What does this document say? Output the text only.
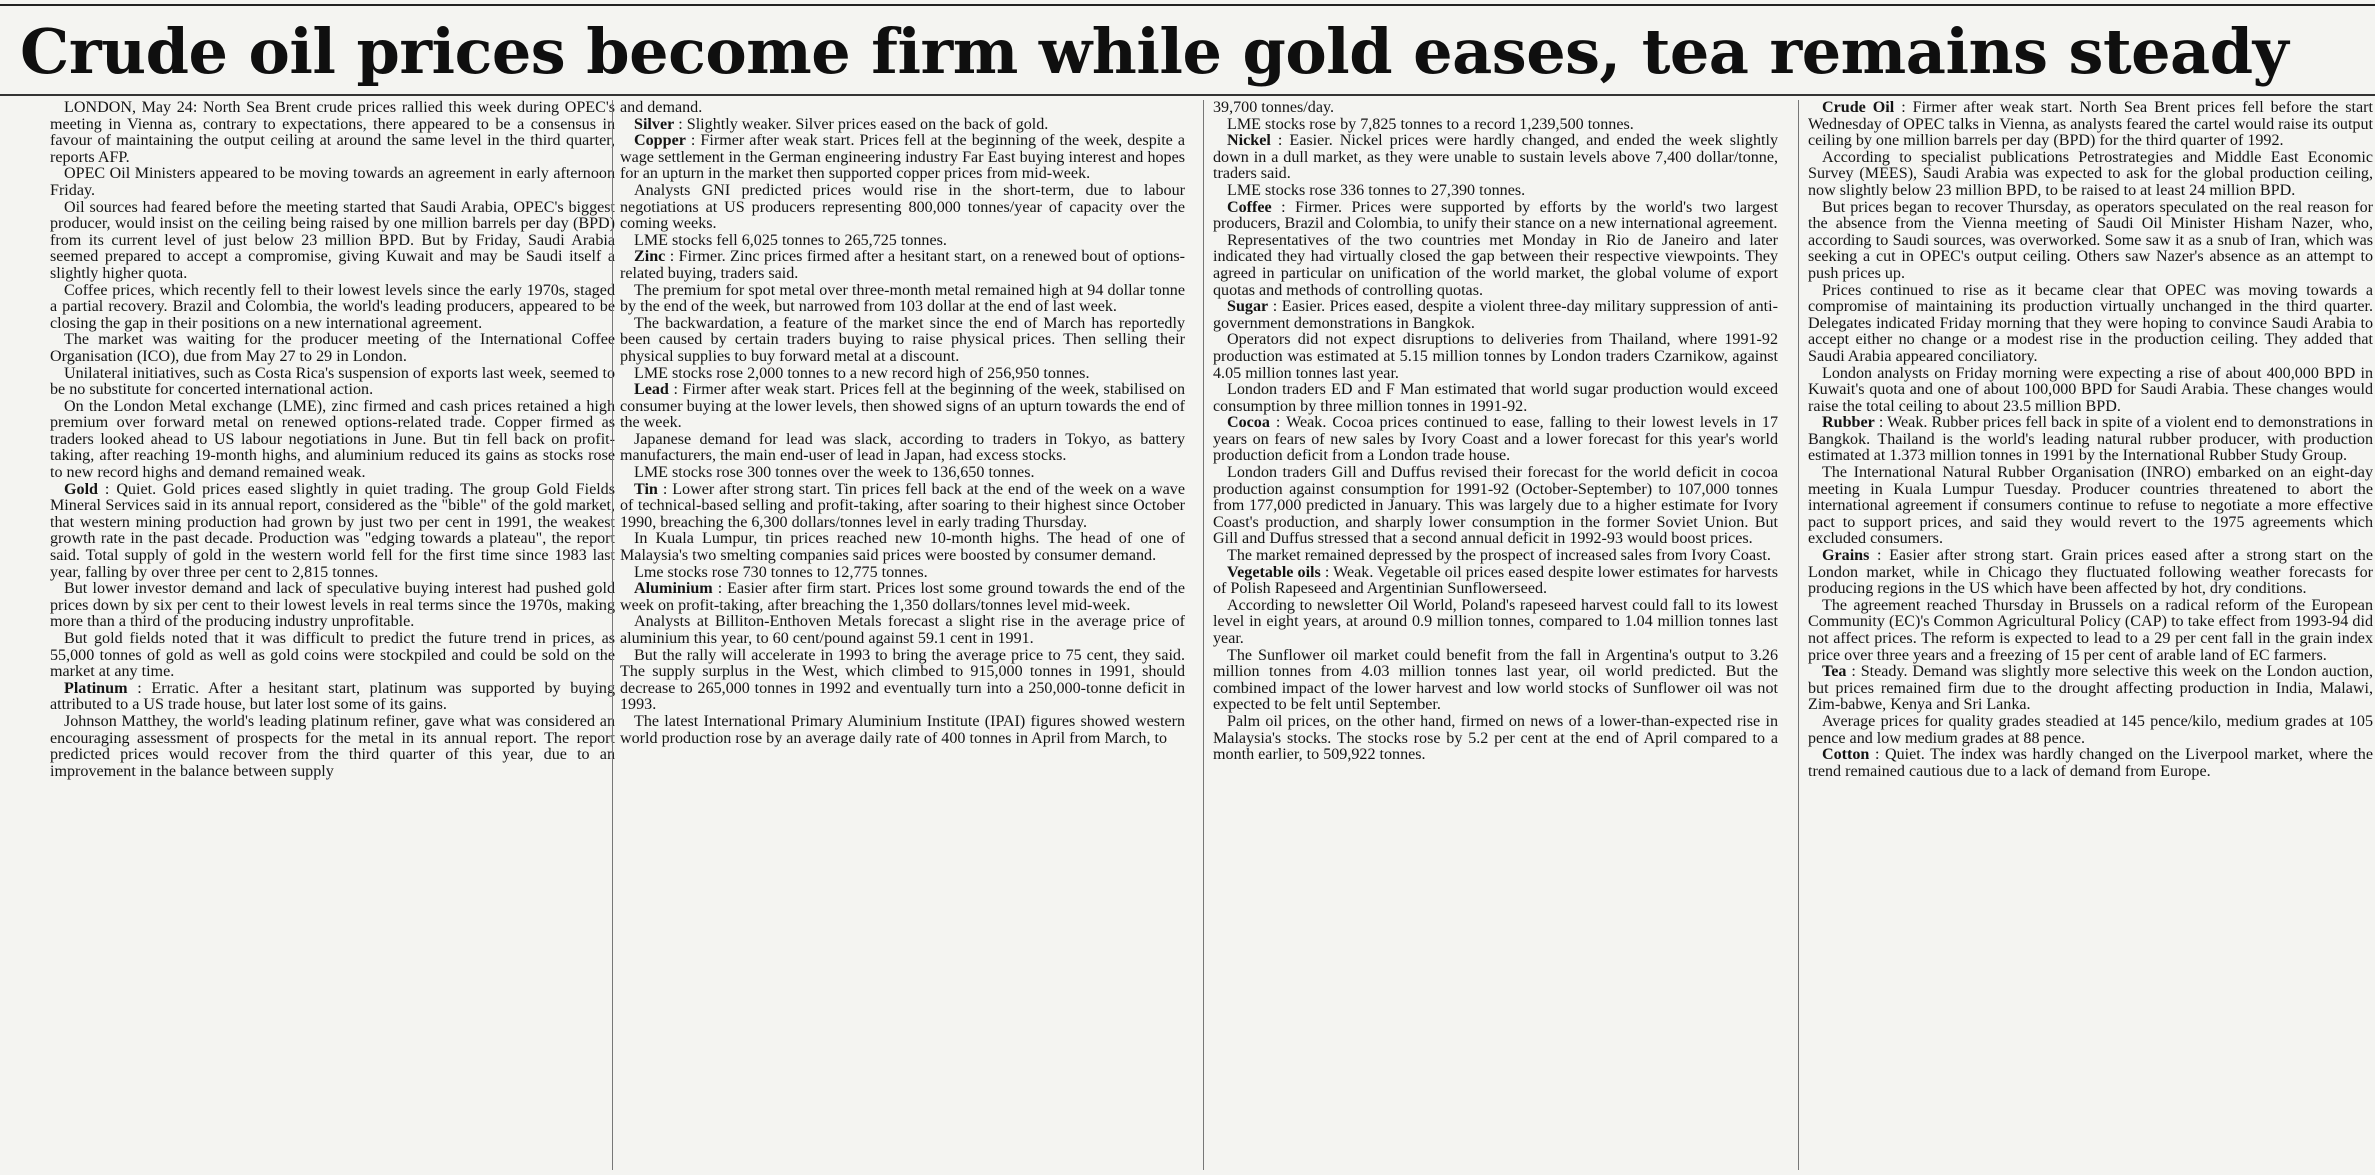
Crude oil prices become firm while gold eases, tea remains steady

LONDON, May 24: North Sea Brent crude prices rallied this week during OPEC's meeting in Vienna as, contrary to expectations, there appeared to be a consensus in favour of maintaining the output ceiling at around the same level in the third quarter, reports AFP.

OPEC Oil Ministers appeared to be moving towards an agreement in early afternoon Friday.

Oil sources had feared before the meeting started that Saudi Arabia, OPEC's biggest producer, would insist on the ceiling being raised by one million barrels per day (BPD) from its current level of just below 23 million BPD. But by Friday, Saudi Arabia seemed prepared to accept a compromise, giving Kuwait and may be Saudi itself a slightly higher quota.

Coffee prices, which recently fell to their lowest levels since the early 1970s, staged a partial recovery. Brazil and Colombia, the world's leading producers, appeared to be closing the gap in their positions on a new international agreement.

The market was waiting for the producer meeting of the International Coffee Organisation (ICO), due from May 27 to 29 in London.

Unilateral initiatives, such as Costa Rica's suspension of exports last week, seemed to be no substitute for concerted international action.

On the London Metal exchange (LME), zinc firmed and cash prices retained a high premium over forward metal on renewed options-related trade. Copper firmed as traders looked ahead to US labour negotiations in June. But tin fell back on profit-taking, after reaching 19-month highs, and aluminium reduced its gains as stocks rose to new record highs and demand remained weak.

Gold : Quiet. Gold prices eased slightly in quiet trading. The group Gold Fields Mineral Services said in its annual report, considered as the "bible" of the gold market, that western mining production had grown by just two per cent in 1991, the weakest growth rate in the past decade. Production was "edging towards a plateau", the report said. Total supply of gold in the western world fell for the first time since 1983 last year, falling by over three per cent to 2,815 tonnes.

But lower investor demand and lack of speculative buying interest had pushed gold prices down by six per cent to their lowest levels in real terms since the 1970s, making more than a third of the producing industry unprofitable.

But gold fields noted that it was difficult to predict the future trend in prices, as 55,000 tonnes of gold as well as gold coins were stockpiled and could be sold on the market at any time.

Platinum : Erratic. After a hesitant start, platinum was supported by buying attributed to a US trade house, but later lost some of its gains.

Johnson Matthey, the world's leading platinum refiner, gave what was considered an encouraging assessment of prospects for the metal in its annual report. The report predicted prices would recover from the third quarter of this year, due to an improvement in the balance between supply

and demand.

Silver : Slightly weaker. Silver prices eased on the back of gold.

Copper : Firmer after weak start. Prices fell at the beginning of the week, despite a wage settlement in the German engineering industry Far East buying interest and hopes for an upturn in the market then supported copper prices from mid-week.

Analysts GNI predicted prices would rise in the short-term, due to labour negotiations at US producers representing 800,000 tonnes/year of capacity over the coming weeks.

LME stocks fell 6,025 tonnes to 265,725 tonnes.

Zinc : Firmer. Zinc prices firmed after a hesitant start, on a renewed bout of options-related buying, traders said.

The premium for spot metal over three-month metal remained high at 94 dollar tonne by the end of the week, but narrowed from 103 dollar at the end of last week.

The backwardation, a feature of the market since the end of March has reportedly been caused by certain traders buying to raise physical prices. Then selling their physical supplies to buy forward metal at a discount.

LME stocks rose 2,000 tonnes to a new record high of 256,950 tonnes.

Lead : Firmer after weak start. Prices fell at the beginning of the week, stabilised on consumer buying at the lower levels, then showed signs of an upturn towards the end of the week.

Japanese demand for lead was slack, according to traders in Tokyo, as battery manufacturers, the main end-user of lead in Japan, had excess stocks.

LME stocks rose 300 tonnes over the week to 136,650 tonnes.

Tin : Lower after strong start. Tin prices fell back at the end of the week on a wave of technical-based selling and profit-taking, after soaring to their highest since October 1990, breaching the 6,300 dollars/tonnes level in early trading Thursday.

In Kuala Lumpur, tin prices reached new 10-month highs. The head of one of Malaysia's two smelting companies said prices were boosted by consumer demand.

Lme stocks rose 730 tonnes to 12,775 tonnes.

Aluminium : Easier after firm start. Prices lost some ground towards the end of the week on profit-taking, after breaching the 1,350 dollars/tonnes level mid-week.

Analysts at Billiton-Enthoven Metals forecast a slight rise in the average price of aluminium this year, to 60 cent/pound against 59.1 cent in 1991.

But the rally will accelerate in 1993 to bring the average price to 75 cent, they said. The supply surplus in the West, which climbed to 915,000 tonnes in 1991, should decrease to 265,000 tonnes in 1992 and eventually turn into a 250,000-tonne deficit in 1993.

The latest International Primary Aluminium Institute (IPAI) figures showed western world production rose by an average daily rate of 400 tonnes in April from March, to

39,700 tonnes/day.

LME stocks rose by 7,825 tonnes to a record 1,239,500 tonnes.

Nickel : Easier. Nickel prices were hardly changed, and ended the week slightly down in a dull market, as they were unable to sustain levels above 7,400 dollar/tonne, traders said.

LME stocks rose 336 tonnes to 27,390 tonnes.

Coffee : Firmer. Prices were supported by efforts by the world's two largest producers, Brazil and Colombia, to unify their stance on a new international agreement.

Representatives of the two countries met Monday in Rio de Janeiro and later indicated they had virtually closed the gap between their respective viewpoints. They agreed in particular on unification of the world market, the global volume of export quotas and methods of controlling quotas.

Sugar : Easier. Prices eased, despite a violent three-day military suppression of anti-government demonstrations in Bangkok.

Operators did not expect disruptions to deliveries from Thailand, where 1991-92 production was estimated at 5.15 million tonnes by London traders Czarnikow, against 4.05 million tonnes last year.

London traders ED and F Man estimated that world sugar production would exceed consumption by three million tonnes in 1991-92.

Cocoa : Weak. Cocoa prices continued to ease, falling to their lowest levels in 17 years on fears of new sales by Ivory Coast and a lower forecast for this year's world production deficit from a London trade house.

London traders Gill and Duffus revised their forecast for the world deficit in cocoa production against consumption for 1991-92 (October-September) to 107,000 tonnes from 177,000 predicted in January. This was largely due to a higher estimate for Ivory Coast's production, and sharply lower consumption in the former Soviet Union. But Gill and Duffus stressed that a second annual deficit in 1992-93 would boost prices.

The market remained depressed by the prospect of increased sales from Ivory Coast.

Vegetable oils : Weak. Vegetable oil prices eased despite lower estimates for harvests of Polish Rapeseed and Argentinian Sunflowerseed.

According to newsletter Oil World, Poland's rapeseed harvest could fall to its lowest level in eight years, at around 0.9 million tonnes, compared to 1.04 million tonnes last year.

The Sunflower oil market could benefit from the fall in Argentina's output to 3.26 million tonnes from 4.03 million tonnes last year, oil world predicted. But the combined impact of the lower harvest and low world stocks of Sunflower oil was not expected to be felt until September.

Palm oil prices, on the other hand, firmed on news of a lower-than-expected rise in Malaysia's stocks. The stocks rose by 5.2 per cent at the end of April compared to a month earlier, to 509,922 tonnes.

Crude Oil : Firmer after weak start. North Sea Brent prices fell before the start Wednesday of OPEC talks in Vienna, as analysts feared the cartel would raise its output ceiling by one million barrels per day (BPD) for the third quarter of 1992.

According to specialist publications Petrostrategies and Middle East Economic Survey (MEES), Saudi Arabia was expected to ask for the global production ceiling, now slightly below 23 million BPD, to be raised to at least 24 million BPD.

But prices began to recover Thursday, as operators speculated on the real reason for the absence from the Vienna meeting of Saudi Oil Minister Hisham Nazer, who, according to Saudi sources, was overworked. Some saw it as a snub of Iran, which was seeking a cut in OPEC's output ceiling. Others saw Nazer's absence as an attempt to push prices up.

Prices continued to rise as it became clear that OPEC was moving towards a compromise of maintaining its production virtually unchanged in the third quarter. Delegates indicated Friday morning that they were hoping to convince Saudi Arabia to accept either no change or a modest rise in the production ceiling. They added that Saudi Arabia appeared conciliatory.

London analysts on Friday morning were expecting a rise of about 400,000 BPD in Kuwait's quota and one of about 100,000 BPD for Saudi Arabia. These changes would raise the total ceiling to about 23.5 million BPD.

Rubber : Weak. Rubber prices fell back in spite of a violent end to demonstrations in Bangkok. Thailand is the world's leading natural rubber producer, with production estimated at 1.373 million tonnes in 1991 by the International Rubber Study Group.

The International Natural Rubber Organisation (INRO) embarked on an eight-day meeting in Kuala Lumpur Tuesday. Producer countries threatened to abort the international agreement if consumers continue to refuse to negotiate a more effective pact to support prices, and said they would revert to the 1975 agreements which excluded consumers.

Grains : Easier after strong start. Grain prices eased after a strong start on the London market, while in Chicago they fluctuated following weather forecasts for producing regions in the US which have been affected by hot, dry conditions.

The agreement reached Thursday in Brussels on a radical reform of the European Community (EC)'s Common Agricultural Policy (CAP) to take effect from 1993-94 did not affect prices. The reform is expected to lead to a 29 per cent fall in the grain index price over three years and a freezing of 15 per cent of arable land of EC farmers.

Tea : Steady. Demand was slightly more selective this week on the London auction, but prices remained firm due to the drought affecting production in India, Malawi, Zim-babwe, Kenya and Sri Lanka.

Average prices for quality grades steadied at 145 pence/kilo, medium grades at 105 pence and low medium grades at 88 pence.

Cotton : Quiet. The index was hardly changed on the Liverpool market, where the trend remained cautious due to a lack of demand from Europe.
